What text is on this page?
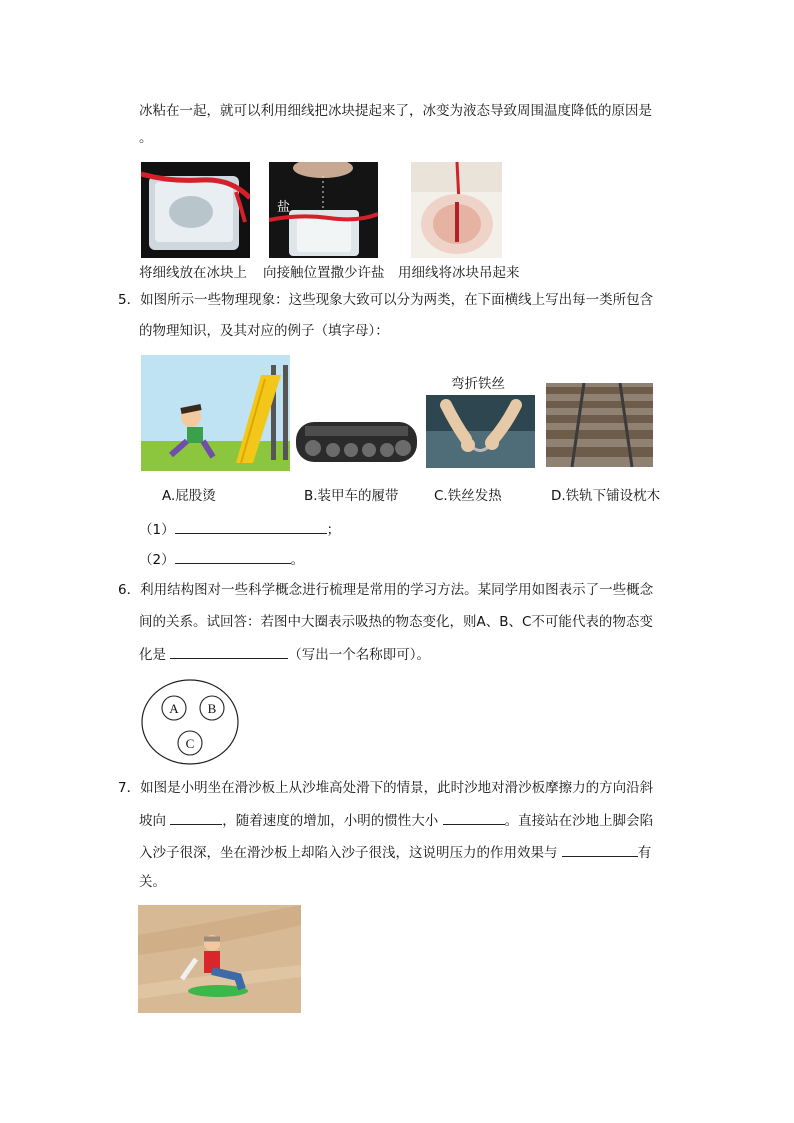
冰粘在一起，就可以利用细线把冰块提起来了，冰变为液态导致周围温度降低的原因是
。
盐
将细线放在冰块上 向接触位置撒少许盐 用细线将冰块吊起来
5．如图所示一些物理现象：这些现象大致可以分为两类，在下面横线上写出每一类所包含
的物理知识，及其对应的例子（填字母）：
弯折铁丝
A.屁股烫	B.装甲车的履带	C.铁丝发热	D.铁轨下铺设枕木
（1）	；
（2）	。
6．利用结构图对一些科学概念进行梳理是常用的学习方法。某同学用如图表示了一些概念
间的关系。试回答：若图中大圈表示吸热的物态变化，则A、B、C不可能代表的物态变
化是	（写出一个名称即可）。
A B
C
7．如图是小明坐在滑沙板上从沙堆高处滑下的情景，此时沙地对滑沙板摩擦力的方向沿斜
坡向	，随着速度的增加，小明的惯性大小	。直接站在沙地上脚会陷
入沙子很深，坐在滑沙板上却陷入沙子很浅，这说明压力的作用效果与	有
关。
